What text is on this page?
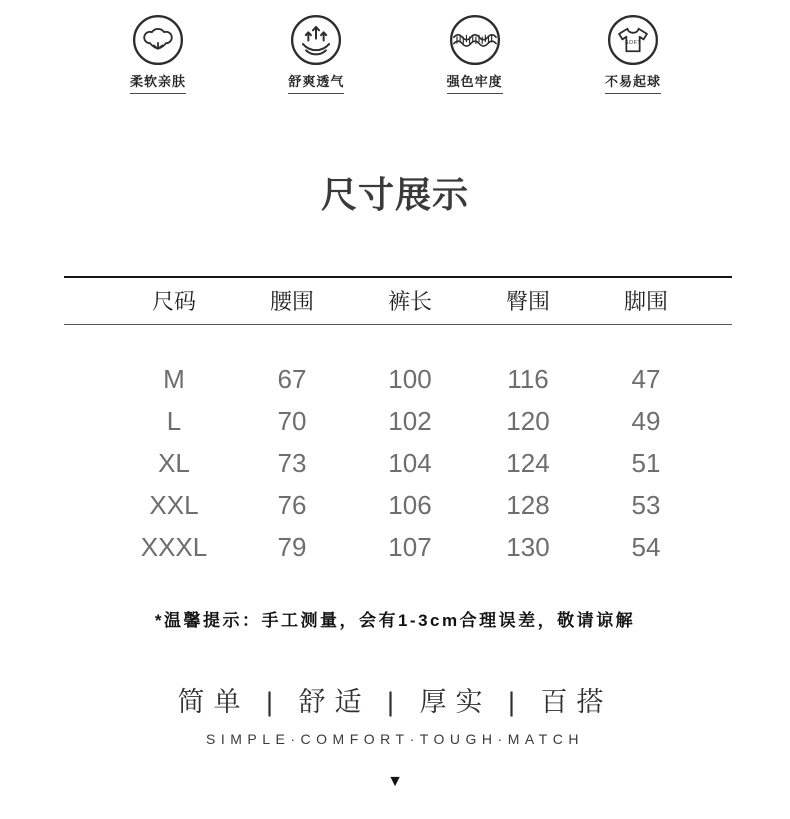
柔软亲肤	舒爽透气	强色牢度
SOFT
不易起球
尺寸展示
尺码	腰围	裤长	臀围	脚围
M	67	100	116	47
L	70	102	120	49
XL	73	104	124	51
XXL	76	106	128	53
XXXL	79	107	130	54
*温馨提示：手工测量，会有1-3cm合理误差，敬请谅解
简单 | 舒适 | 厚实 | 百搭
SIMPLE·COMFORT·TOUGH·MATCH
▼
